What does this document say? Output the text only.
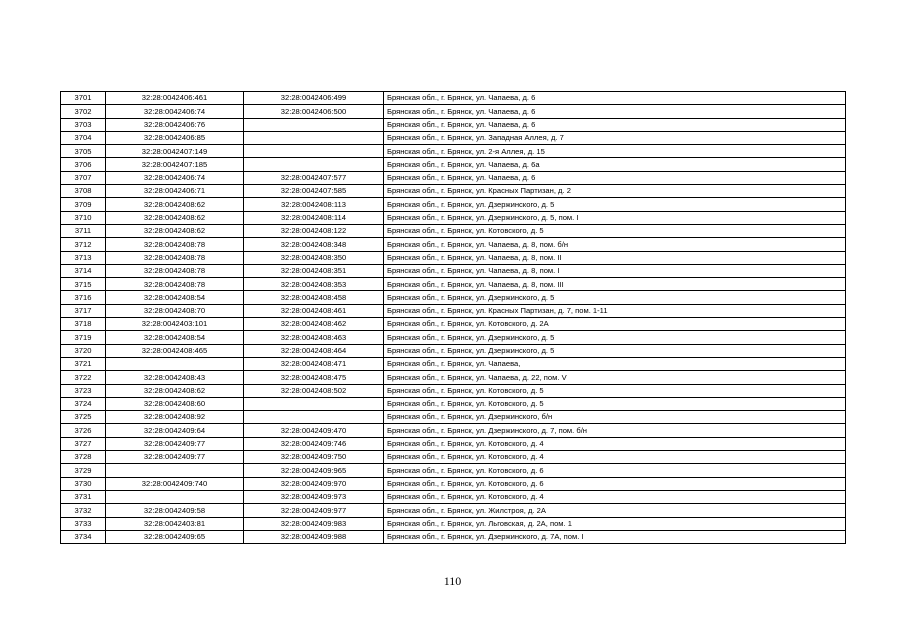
3701	32:28:0042406:461	32:28:0042406:499	Брянская обл., г. Брянск, ул. Чапаева, д. 6
3702	32:28:0042406:74	32:28:0042406:500	Брянская обл., г. Брянск, ул. Чапаева, д. 6
3703	32:28:0042406:76		Брянская обл., г. Брянск, ул. Чапаева, д. 6
3704	32:28:0042406:85		Брянская обл., г. Брянск, ул. Западная Аллея, д. 7
3705	32:28:0042407:149		Брянская обл., г. Брянск, ул. 2-я Аллея, д. 15
3706	32:28:0042407:185		Брянская обл., г. Брянск, ул. Чапаева, д. 6а
3707	32:28:0042406:74	32:28:0042407:577	Брянская обл., г. Брянск, ул. Чапаева, д. 6
3708	32:28:0042406:71	32:28:0042407:585	Брянская обл., г. Брянск, ул. Красных Партизан, д. 2
3709	32:28:0042408:62	32:28:0042408:113	Брянская обл., г. Брянск, ул. Дзержинского, д. 5
3710	32:28:0042408:62	32:28:0042408:114	Брянская обл., г. Брянск, ул. Дзержинского, д. 5, пом. I
3711	32:28:0042408:62	32:28:0042408:122	Брянская обл., г. Брянск, ул. Котовского, д. 5
3712	32:28:0042408:78	32:28:0042408:348	Брянская обл., г. Брянск, ул. Чапаева, д. 8, пом. б/н
3713	32:28:0042408:78	32:28:0042408:350	Брянская обл., г. Брянск, ул. Чапаева, д. 8, пом. II
3714	32:28:0042408:78	32:28:0042408:351	Брянская обл., г. Брянск, ул. Чапаева, д. 8, пом. I
3715	32:28:0042408:78	32:28:0042408:353	Брянская обл., г. Брянск, ул. Чапаева, д. 8, пом. III
3716	32:28:0042408:54	32:28:0042408:458	Брянская обл., г. Брянск, ул. Дзержинского, д. 5
3717	32:28:0042408:70	32:28:0042408:461	Брянская обл., г. Брянск, ул. Красных Партизан, д. 7, пом. 1-11
3718	32:28:0042403:101	32:28:0042408:462	Брянская обл., г. Брянск, ул. Котовского, д. 2А
3719	32:28:0042408:54	32:28:0042408:463	Брянская обл., г. Брянск, ул. Дзержинского, д. 5
3720	32:28:0042408:465	32:28:0042408:464	Брянская обл., г. Брянск, ул. Дзержинского, д. 5
3721		32:28:0042408:471	Брянская обл., г. Брянск, ул. Чапаева,
3722	32:28:0042408:43	32:28:0042408:475	Брянская обл., г. Брянск, ул. Чапаева, д. 22, пом. V
3723	32:28:0042408:62	32:28:0042408:502	Брянская обл., г. Брянск, ул. Котовского, д. 5
3724	32:28:0042408:60		Брянская обл., г. Брянск, ул. Котовского, д. 5
3725	32:28:0042408:92		Брянская обл., г. Брянск, ул. Дзержинского, б/н
3726	32:28:0042409:64	32:28:0042409:470	Брянская обл., г. Брянск, ул. Дзержинского, д. 7, пом. б/н
3727	32:28:0042409:77	32:28:0042409:746	Брянская обл., г. Брянск, ул. Котовского, д. 4
3728	32:28:0042409:77	32:28:0042409:750	Брянская обл., г. Брянск, ул. Котовского, д. 4
3729		32:28:0042409:965	Брянская обл., г. Брянск, ул. Котовского, д. 6
3730	32:28:0042409:740	32:28:0042409:970	Брянская обл., г. Брянск, ул. Котовского, д. 6
3731		32:28:0042409:973	Брянская обл., г. Брянск, ул. Котовского, д. 4
3732	32:28:0042409:58	32:28:0042409:977	Брянская обл., г. Брянск, ул. Жилстроя, д. 2А
3733	32:28:0042403:81	32:28:0042409:983	Брянская обл., г. Брянск, ул. Льговская, д. 2А, пом. 1
3734	32:28:0042409:65	32:28:0042409:988	Брянская обл., г. Брянск, ул. Дзержинского, д. 7А, пом. I
110
